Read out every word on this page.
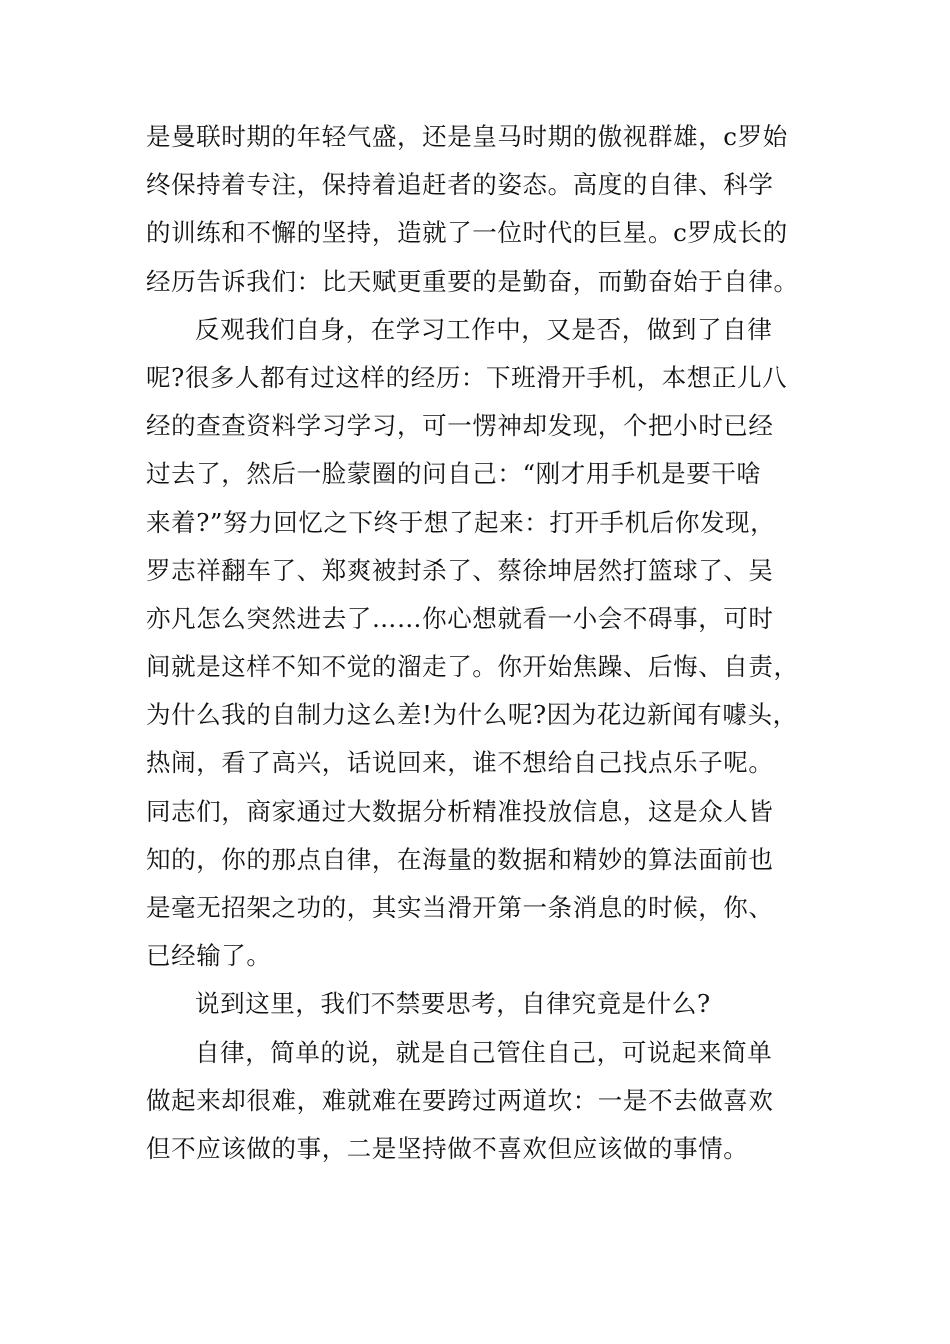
是曼联时期的年轻气盛，还是皇马时期的傲视群雄，c罗始
终保持着专注，保持着追赶者的姿态。高度的自律、科学
的训练和不懈的坚持，造就了一位时代的巨星。c罗成长的
经历告诉我们：比天赋更重要的是勤奋，而勤奋始于自律。
反观我们自身，在学习工作中，又是否，做到了自律
呢?很多人都有过这样的经历：下班滑开手机，本想正儿八
经的查查资料学习学习，可一愣神却发现，个把小时已经
过去了，然后一脸蒙圈的问自己：“刚才用手机是要干啥
来着?”努力回忆之下终于想了起来：打开手机后你发现，
罗志祥翻车了、郑爽被封杀了、蔡徐坤居然打篮球了、吴
亦凡怎么突然进去了……你心想就看一小会不碍事，可时
间就是这样不知不觉的溜走了。你开始焦躁、后悔、自责，
为什么我的自制力这么差!为什么呢?因为花边新闻有噱头，
热闹，看了高兴，话说回来，谁不想给自己找点乐子呢。
同志们，商家通过大数据分析精准投放信息，这是众人皆
知的，你的那点自律，在海量的数据和精妙的算法面前也
是毫无招架之功的，其实当滑开第一条消息的时候，你、
已经输了。
说到这里，我们不禁要思考，自律究竟是什么?
自律，简单的说，就是自己管住自己，可说起来简单
做起来却很难，难就难在要跨过两道坎：一是不去做喜欢
但不应该做的事，二是坚持做不喜欢但应该做的事情。
